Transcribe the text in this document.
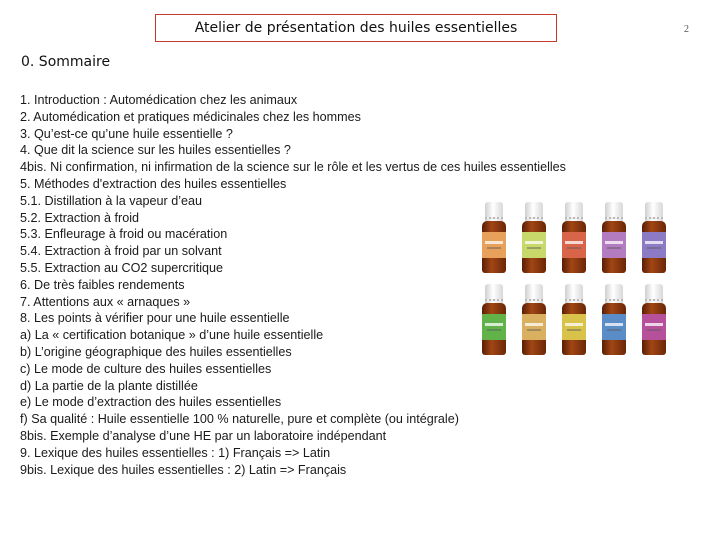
Atelier de présentation des huiles essentielles	2
0. Sommaire
1. Introduction : Automédication chez les animaux
2. Automédication et pratiques médicinales chez les hommes
3. Qu’est-ce qu’une huile essentielle ?
4. Que dit la science sur les huiles essentielles ?
4bis. Ni confirmation, ni infirmation de la science sur le rôle et les vertus de ces huiles essentielles
5. Méthodes d'extraction des huiles essentielles
5.1. Distillation à la vapeur d’eau
5.2. Extraction à froid
5.3. Enfleurage à froid ou macération
5.4. Extraction à froid par un solvant
5.5. Extraction au CO2 supercritique
6. De très faibles rendements
7. Attentions aux « arnaques »
8. Les points à vérifier pour une huile essentielle
a) La « certification botanique » d’une huile essentielle
b) L’origine géographique des huiles essentielles
c) Le mode de culture des huiles essentielles
d) La partie de la plante distillée
e) Le mode d’extraction des huiles essentielles
f) Sa qualité : Huile essentielle 100 % naturelle, pure et complète (ou intégrale)
8bis. Exemple d’analyse d’une HE par un laboratoire indépendant
9. Lexique des huiles essentielles : 1) Français => Latin
9bis. Lexique des huiles essentielles : 2) Latin => Français
